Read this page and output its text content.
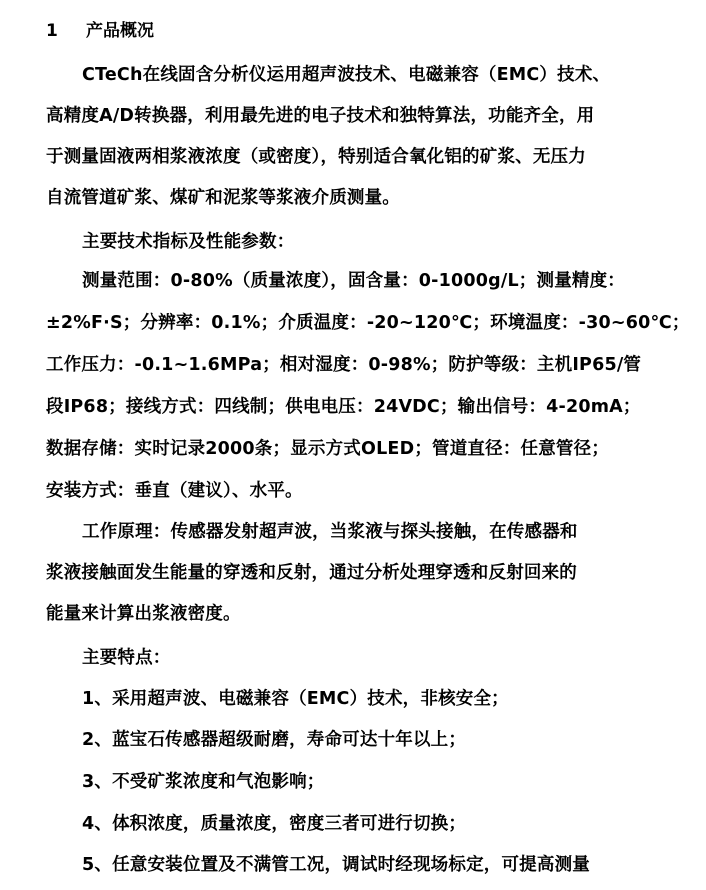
1 产品概况
CTeCh在线固含分析仪运用超声波技术、电磁兼容（EMC）技术、
高精度A/D转换器，利用最先进的电子技术和独特算法，功能齐全，用
于测量固液两相浆液浓度（或密度），特别适合氧化铝的矿浆、无压力
自流管道矿浆、煤矿和泥浆等浆液介质测量。
主要技术指标及性能参数：
测量范围：0-80%（质量浓度），固含量：0-1000g/L；测量精度：
±2%F·S；分辨率：0.1%；介质温度：-20~120℃；环境温度：-30~60℃；
工作压力：-0.1~1.6MPa；相对湿度：0-98%；防护等级：主机IP65/管
段IP68；接线方式：四线制；供电电压：24VDC；输出信号：4-20mA；
数据存储：实时记录2000条；显示方式OLED；管道直径：任意管径；
安装方式：垂直（建议）、水平。
工作原理：传感器发射超声波，当浆液与探头接触，在传感器和
浆液接触面发生能量的穿透和反射，通过分析处理穿透和反射回来的
能量来计算出浆液密度。
主要特点：
1、采用超声波、电磁兼容（EMC）技术，非核安全；
2、蓝宝石传感器超级耐磨，寿命可达十年以上；
3、不受矿浆浓度和气泡影响；
4、体积浓度，质量浓度，密度三者可进行切换；
5、任意安装位置及不满管工况，调试时经现场标定，可提高测量
